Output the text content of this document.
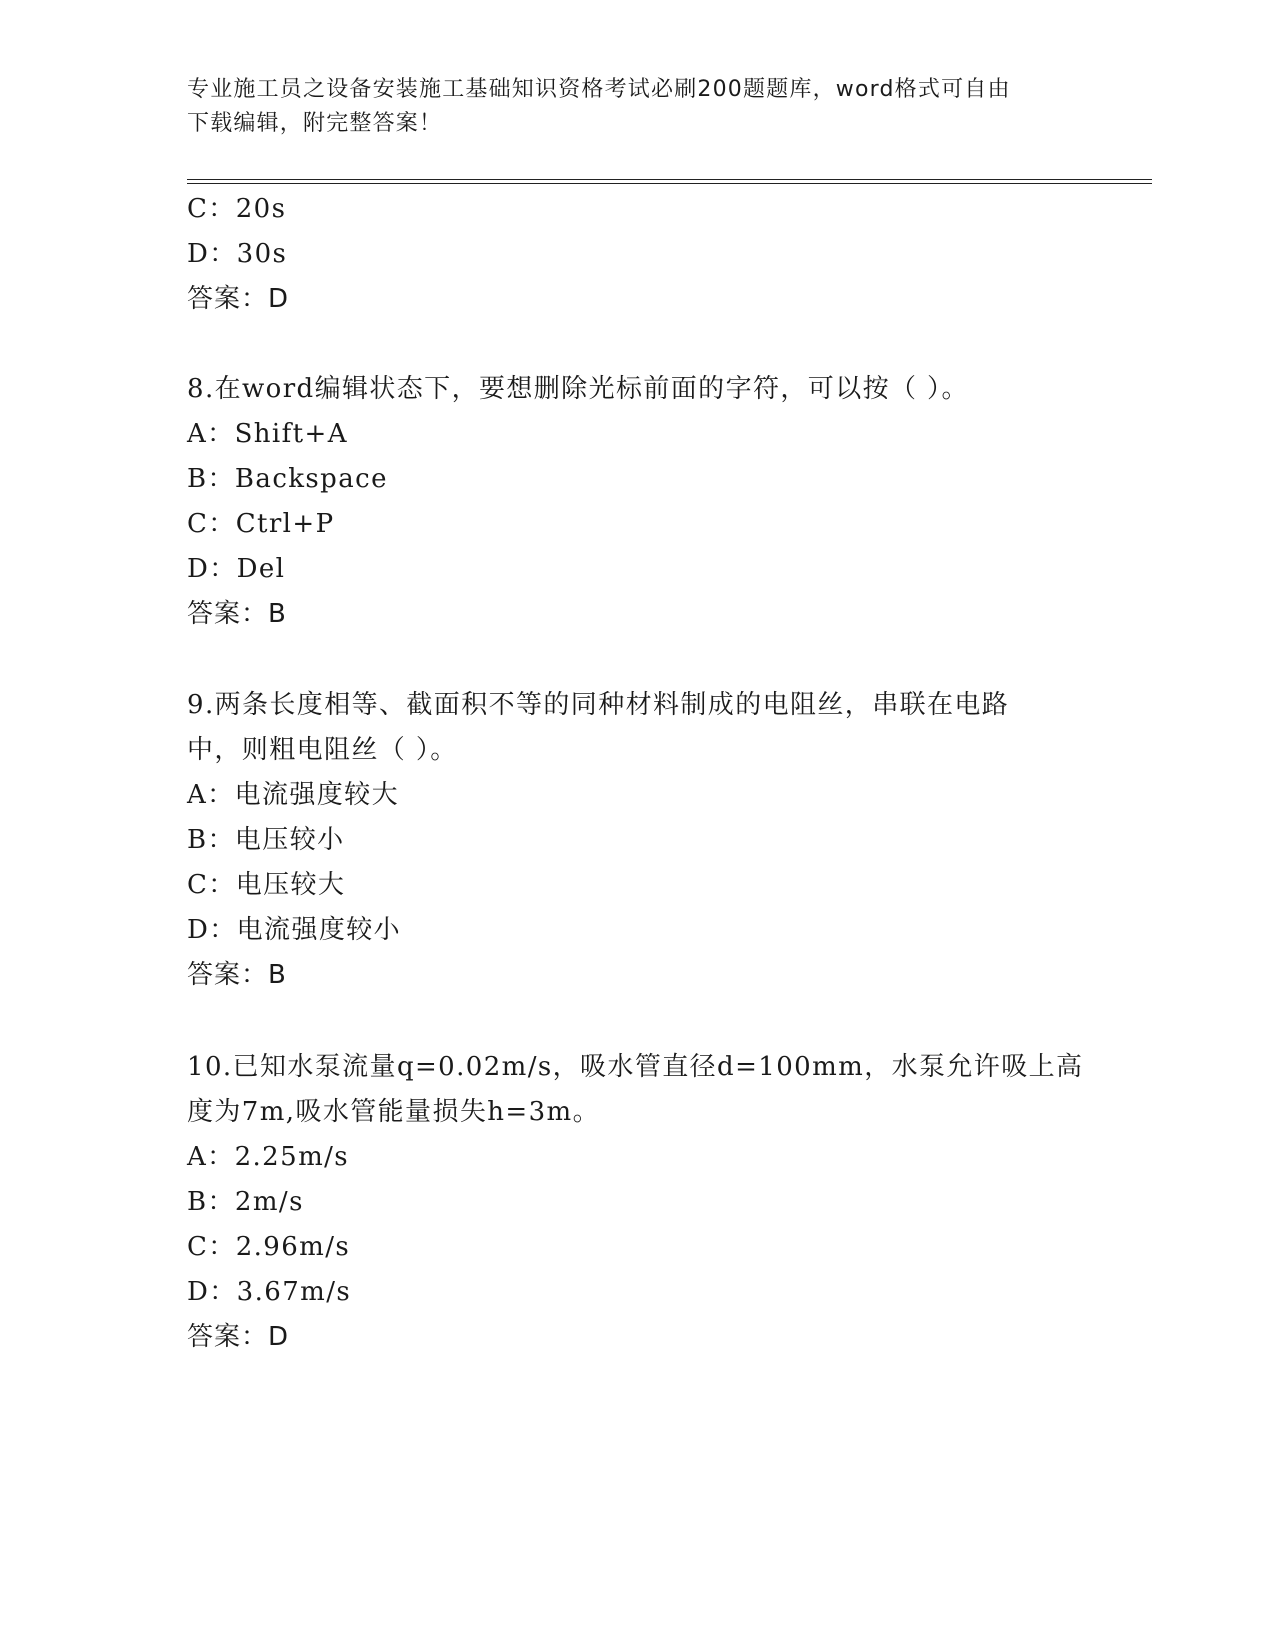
专业施工员之设备安装施工基础知识资格考试必刷200题题库，word格式可自由
下载编辑，附完整答案！
C：20s
D：30s
答案：D
8.在word编辑状态下，要想删除光标前面的字符，可以按（ ）。
A：Shift+A
B：Backspace
C：Ctrl+P
D：Del
答案：B
9.两条长度相等、截面积不等的同种材料制成的电阻丝，串联在电路
中，则粗电阻丝（ ）。
A：电流强度较大
B：电压较小
C：电压较大
D：电流强度较小
答案：B
10.已知水泵流量q=0.02m/s，吸水管直径d=100mm，水泵允许吸上高
度为7m,吸水管能量损失h=3m。
A：2.25m/s
B：2m/s
C：2.96m/s
D：3.67m/s
答案：D
